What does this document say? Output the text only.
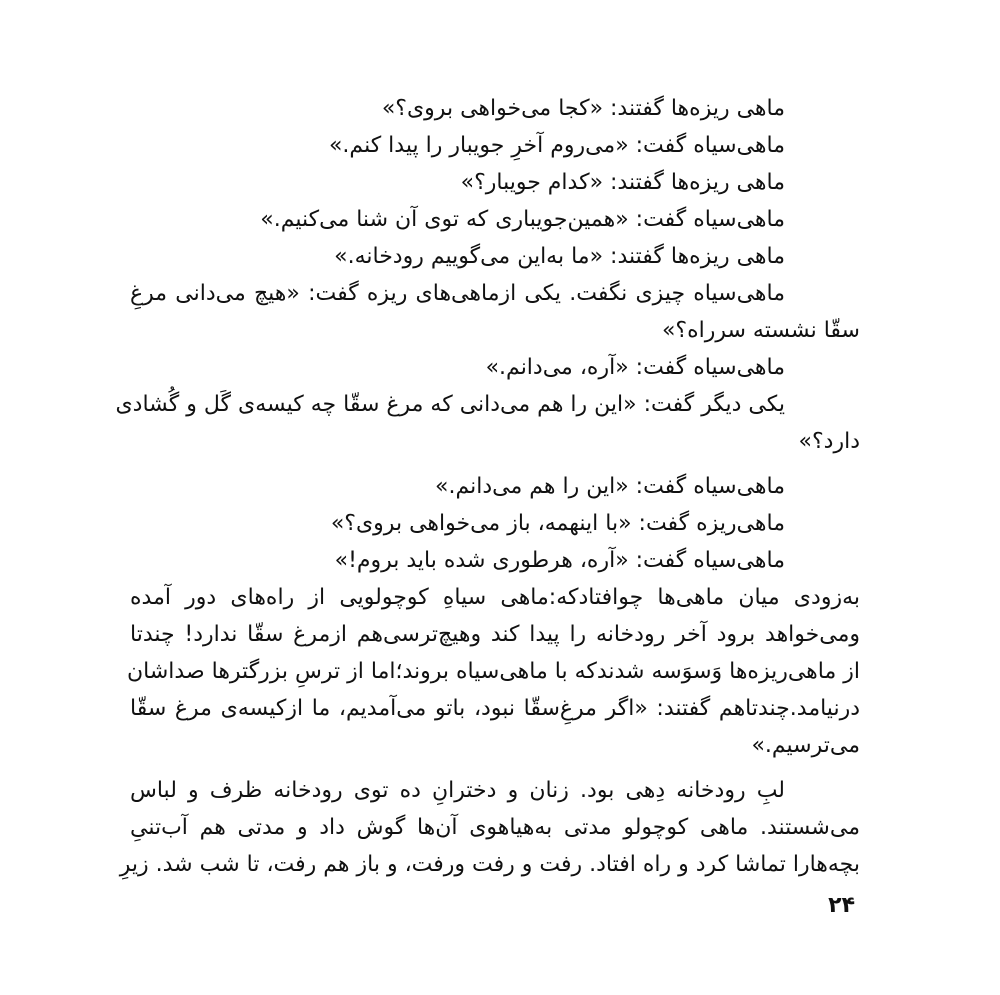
ماهی ریزه‌ها گفتند: «کجا می‌خواهی بروی؟»
ماهی‌سیاه گفت: «می‌روم آخرِ جویبار را پیدا کنم.»
ماهی ریزه‌ها گفتند: «کدام جویبار؟»
ماهی‌سیاه گفت: «همین‌جویباری که توی آن شنا می‌کنیم.»
ماهی ریزه‌ها گفتند: «ما به‌این می‌گوییم رودخانه.»
ماهی‌سیاه چیزی نگفت. یکی ازماهی‌های ریزه گفت: «هیچ می‌دانی مرغِ
سقّا نشسته سرراه؟»
ماهی‌سیاه گفت: «آره، می‌دانم.»
یکی دیگر گفت: «این را هم می‌دانی که مرغ سقّا چه کیسه‌ی گَل و گُشادی
دارد؟»
ماهی‌سیاه گفت: «این را هم می‌دانم.»
ماهی‌ریزه گفت: «با اینهمه، باز می‌خواهی بروی؟»
ماهی‌سیاه گفت: «آره، هرطوری شده باید بروم!»
به‌زودی میان ماهی‌ها چوافتادکه:ماهی سیاهِ کوچولویی از راه‌های دور آمده
ومی‌خواهد برود آخر رودخانه را پیدا کند وهیچ‌ترسی‌هم ازمرغ سقّا ندارد! چندتا
از ماهی‌ریزه‌ها وَسوَسه شدندکه با ماهی‌سیاه بروند؛اما از ترسِ بزرگترها صداشان
درنیامد.چندتاهم گفتند: «اگر مرغِ‌سقّا نبود، باتو می‌آمدیم، ما ازکیسه‌ی مرغ سقّا
می‌ترسیم.»
لبِ رودخانه دِهی بود. زنان و دخترانِ ده توی رودخانه ظرف و لباس
می‌شستند. ماهی کوچولو مدتی به‌هیاهوی آن‌ها گوش داد و مدتی هم آب‌تنیِ
بچه‌هارا تماشا کرد و راه افتاد. رفت و رفت ورفت، و باز هم رفت، تا شب شد. زیرِ
۲۴
